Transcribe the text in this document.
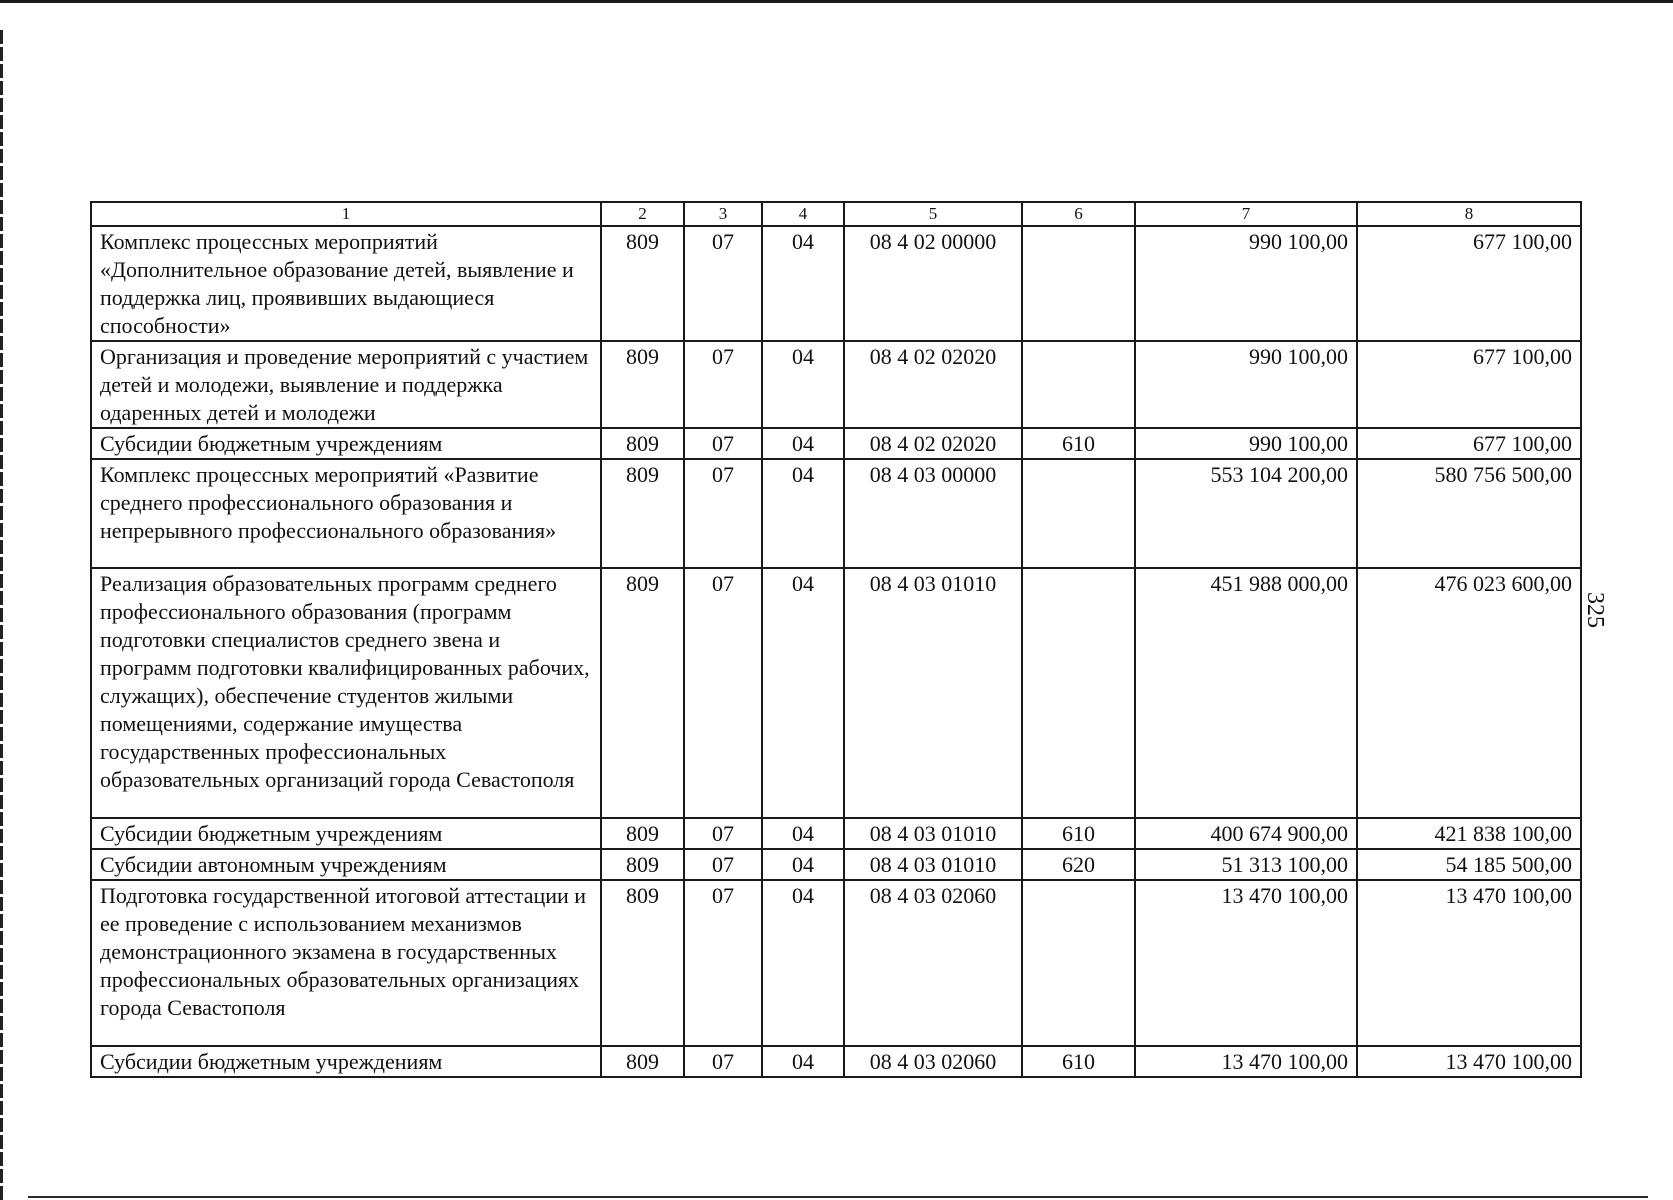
325
1	2	3	4	5	6	7	8
Комплекс процессных мероприятий «Дополнительное образование детей, выявление и поддержка лиц, проявивших выдающиеся способности»	809	07	04	08 4 02 00000		990 100,00	677 100,00
Организация и проведение мероприятий с участием детей и молодежи, выявление и поддержка одаренных детей и молодежи	809	07	04	08 4 02 02020		990 100,00	677 100,00
Субсидии бюджетным учреждениям	809	07	04	08 4 02 02020	610	990 100,00	677 100,00
Комплекс процессных мероприятий «Развитие среднего профессионального образования и непрерывного профессионального образования»	809	07	04	08 4 03 00000		553 104 200,00	580 756 500,00
Реализация образовательных программ среднего профессионального образования (программ подготовки специалистов среднего звена и программ подготовки квалифицированных рабочих, служащих), обеспечение студентов жилыми помещениями, содержание имущества государственных профессиональных образовательных организаций города Севастополя	809	07	04	08 4 03 01010		451 988 000,00	476 023 600,00
Субсидии бюджетным учреждениям	809	07	04	08 4 03 01010	610	400 674 900,00	421 838 100,00
Субсидии автономным учреждениям	809	07	04	08 4 03 01010	620	51 313 100,00	54 185 500,00
Подготовка государственной итоговой аттестации и ее проведение с использованием механизмов демонстрационного экзамена в государственных профессиональных образовательных организациях города Севастополя	809	07	04	08 4 03 02060		13 470 100,00	13 470 100,00
Субсидии бюджетным учреждениям	809	07	04	08 4 03 02060	610	13 470 100,00	13 470 100,00
